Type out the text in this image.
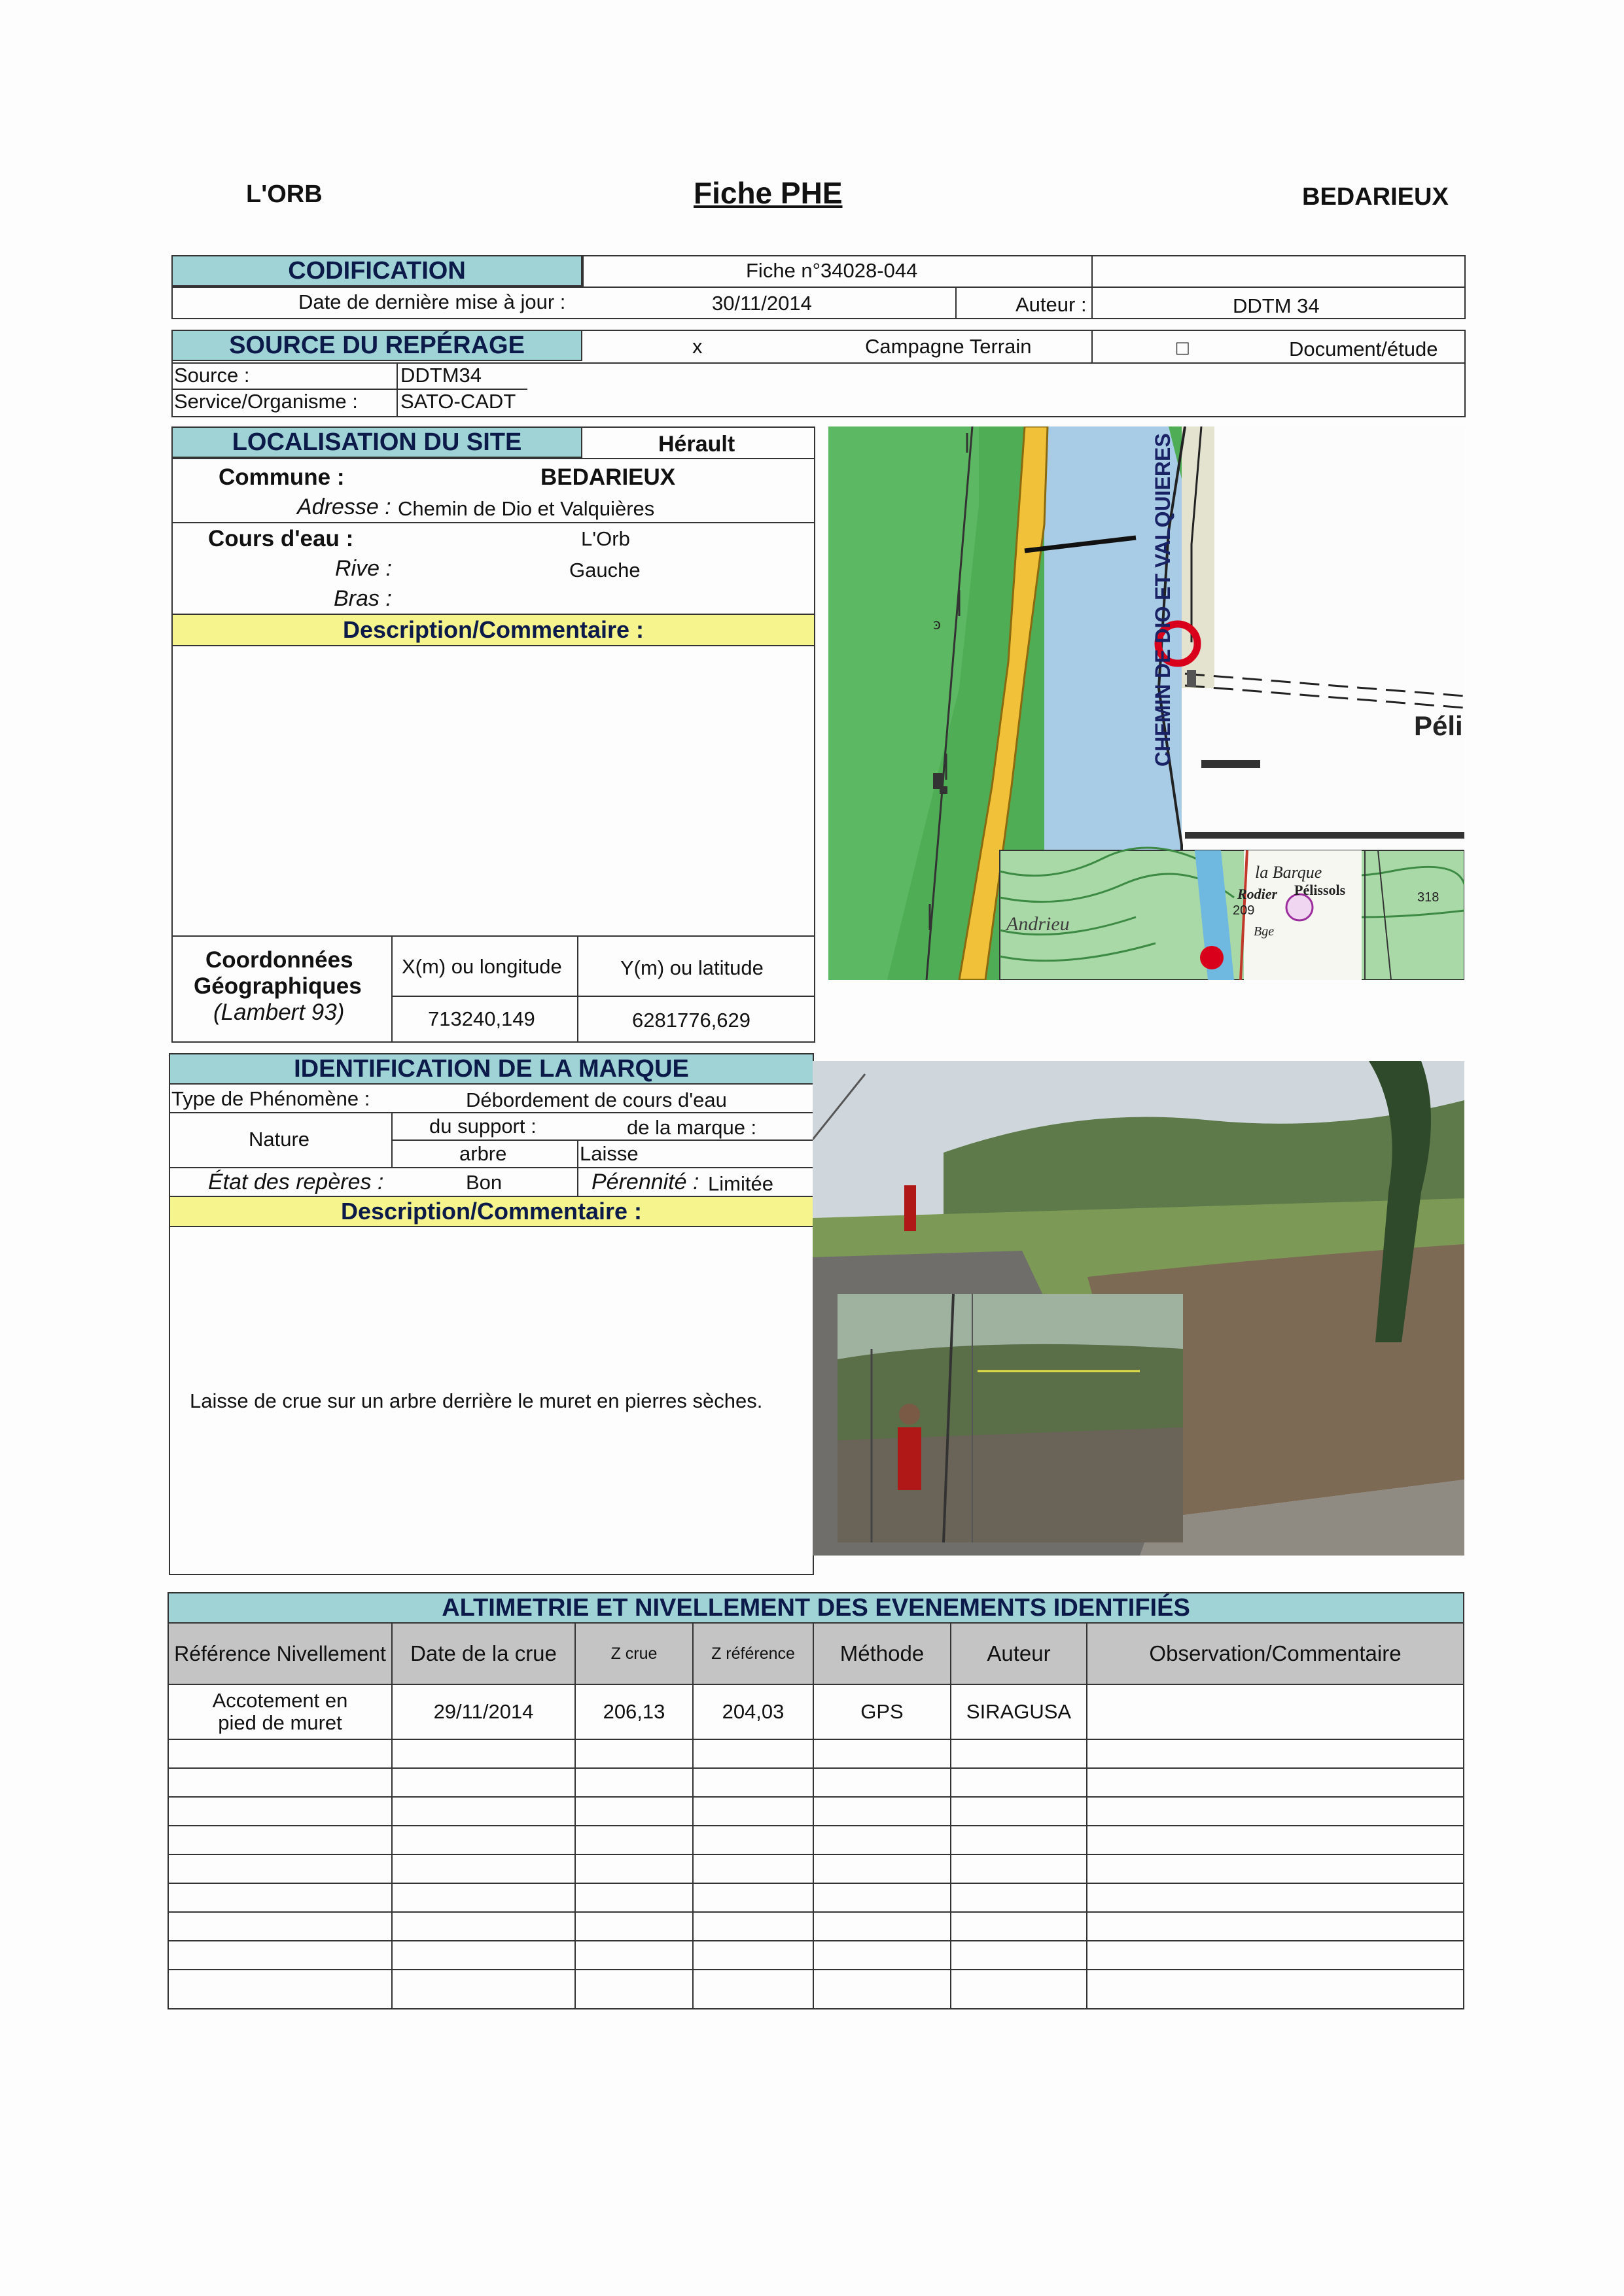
L'ORB	Fiche PHE	BEDARIEUX
CODIFICATION	Fiche n°34028-044
Date de dernière mise à jour :	30/11/2014	Auteur :	DDTM 34
SOURCE DU REPÉRAGE	x	Campagne Terrain	□	Document/étude
Source :	DDTM34
Service/Organisme : SATO-CADT
LOCALISATION DU SITE	Hérault
Commune :	BEDARIEUX
Adresse : Chemin de Dio et Valquières
Cours d'eau :	L'Orb
Rive :	Gauche
Bras :
Description/Commentaire :
Coordonnées
Géographiques
(Lambert 93)
X(m) ou longitude	Y(m) ou latitude
713240,149	6281776,629
CHEMIN DE DIO ET VALQUIERES	Péli
ꜿ
la Barque
Rodier Pélissols
Andrieu
209
318
Bge
IDENTIFICATION DE LA MARQUE
Type de Phénomène :	Débordement de cours d'eau
Nature
du support :	de la marque :
arbre	Laisse
État des repères :	Bon	Pérennité : Limitée
Description/Commentaire :
Laisse de crue sur un arbre derrière le muret en pierres sèches.
ALTIMETRIE ET NIVELLEMENT DES EVENEMENTS IDENTIFIÉS
Référence Nivellement	Date de la crue	Z crue	Z référence	Méthode	Auteur	Observation/Commentaire
Accotement en pied de muret	29/11/2014	206,13	204,03	GPS	SIRAGUSA
